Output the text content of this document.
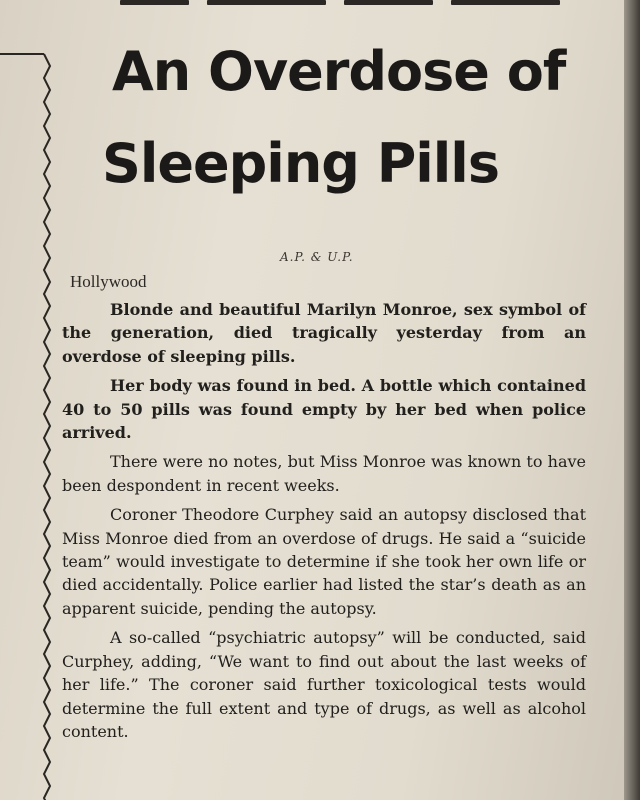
An Overdose of
Sleeping Pills
A.P. & U.P.
Hollywood

Blonde and beautiful Marilyn Monroe, sex symbol of the generation, died tragically yesterday from an overdose of sleeping pills.

Her body was found in bed. A bottle which contained 40 to 50 pills was found empty by her bed when police arrived.

There were no notes, but Miss Monroe was known to have been despondent in recent weeks.

Coroner Theodore Curphey said an autopsy disclosed that Miss Monroe died from an overdose of drugs. He said a “suicide team” would investigate to determine if she took her own life or died accidentally. Police earlier had listed the star’s death as an apparent suicide, pending the autopsy.

A so-called “psychiatric autopsy” will be conducted, said Curphey, adding, “We want to find out about the last weeks of her life.” The coroner said further toxicological tests would determine the full extent and type of drugs, as well as alcohol content.
